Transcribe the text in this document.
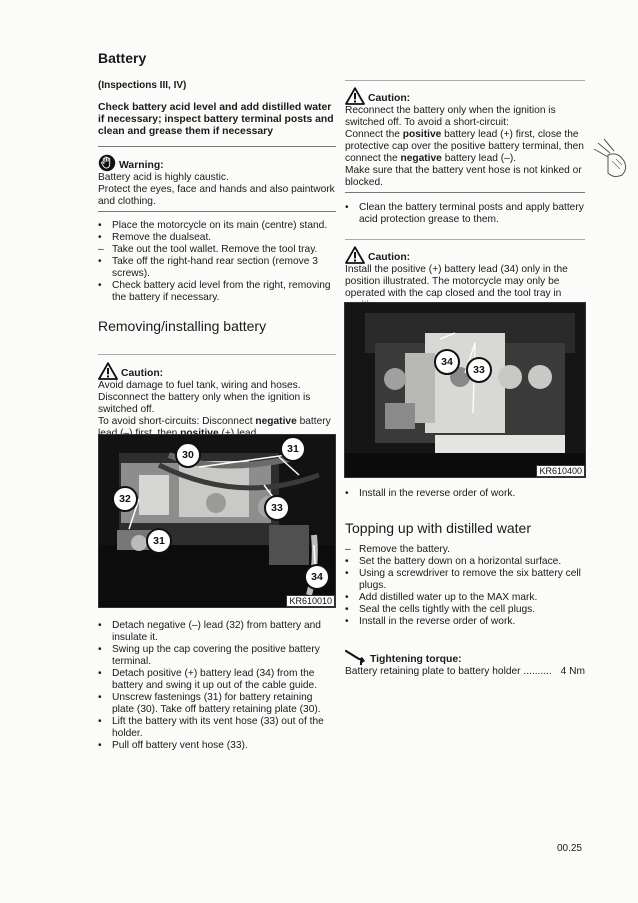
Battery
(Inspections III, IV)
Check battery acid level and add distilled water if necessary; inspect battery terminal posts and clean and grease them if necessary
Warning:

Battery acid is highly caustic.

Protect the eyes, face and hands and also paintwork and clothing.

•	Place the motorcycle on its main (centre) stand.
•	Remove the dualseat.
– Take out the tool wallet. Remove the tool tray.
•	Take off the right-hand rear section (remove 3 screws).
•	Check battery acid level from the right, removing the battery if necessary.
Removing/installing battery
Caution:

Avoid damage to fuel tank, wiring and hoses. Disconnect the battery only when the ignition is switched off.

To avoid short-circuits: Disconnect negative battery

30	31
32
33
31
34
KR610010
•	Detach negative (–) lead (32) from battery and insulate it.
•	Swing up the cap covering the positive battery terminal.
•	Detach positive (+) battery lead (34) from the battery and swing it up out of the cable guide.
•	Unscrew fastenings (31) for battery retaining plate (30). Take off battery retaining plate (30).
•	Lift the battery with its vent hose (33) out of the holder.
•	Pull off battery vent hose (33).
Caution:

Reconnect the battery only when the ignition is switched off. To avoid a short-circuit:

Connect the positive battery lead (+) first, close the protective cap over the positive battery terminal, then connect the negative battery lead (–).

Make sure that the battery vent hose is not kinked or blocked.

•	Clean the battery terminal posts and apply battery acid protection grease to them.
Caution:

Install the positive (+) battery lead (34) only in the position illustrated. The motorcycle may only be operated with the cap closed and the tool tray in

34
33
KR610400
•	Install in the reverse order of work.
Topping up with distilled water
– Remove the battery.
•	Set the battery down on a horizontal surface.
•	Using a screwdriver to remove the six battery cell plugs.
•	Add distilled water up to the MAX mark.
•	Seal the cells tightly with the cell plugs.
•	Install in the reverse order of work.
Tightening torque:
Battery retaining plate to battery holder .......... 4 Nm
00.25
